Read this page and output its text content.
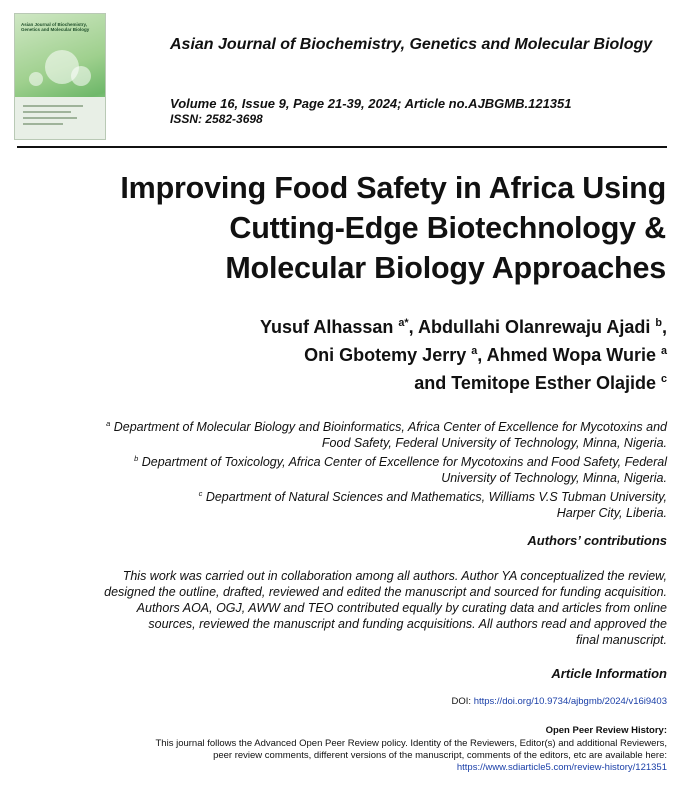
Asian Journal of Biochemistry, Genetics and Molecular Biology
Asian Journal of Biochemistry, Genetics and Molecular Biology
Volume 16, Issue 9, Page 21-39, 2024; Article no.AJBGMB.121351
ISSN: 2582-3698
Improving Food Safety in Africa Using
Cutting-Edge Biotechnology &
Molecular Biology Approaches
Yusuf Alhassan $^{a*}$, Abdullahi Olanrewaju Ajadi $^b$,
Oni Gbotemy Jerry $^a$, Ahmed Wopa Wurie $^a$
and Temitope Esther Olajide $^c$
$^a$ Department of Molecular Biology and Bioinformatics, Africa Center of Excellence for Mycotoxins and
Food Safety, Federal University of Technology, Minna, Nigeria.
$^b$ Department of Toxicology, Africa Center of Excellence for Mycotoxins and Food Safety, Federal
University of Technology, Minna, Nigeria.
$^c$ Department of Natural Sciences and Mathematics, Williams V.S Tubman University,
Harper City, Liberia.
Authors’ contributions
This work was carried out in collaboration among all authors. Author YA conceptualized the review,
designed the outline, drafted, reviewed and edited the manuscript and sourced for funding acquisition.
Authors AOA, OGJ, AWW and TEO contributed equally by curating data and articles from online
sources, reviewed the manuscript and funding acquisitions. All authors read and approved the
final manuscript.
Article Information
DOI: https://doi.org/10.9734/ajbgmb/2024/v16i9403
Open Peer Review History:
This journal follows the Advanced Open Peer Review policy. Identity of the Reviewers, Editor(s) and additional Reviewers,
peer review comments, different versions of the manuscript, comments of the editors, etc are available here:
https://www.sdiarticle5.com/review-history/121351
